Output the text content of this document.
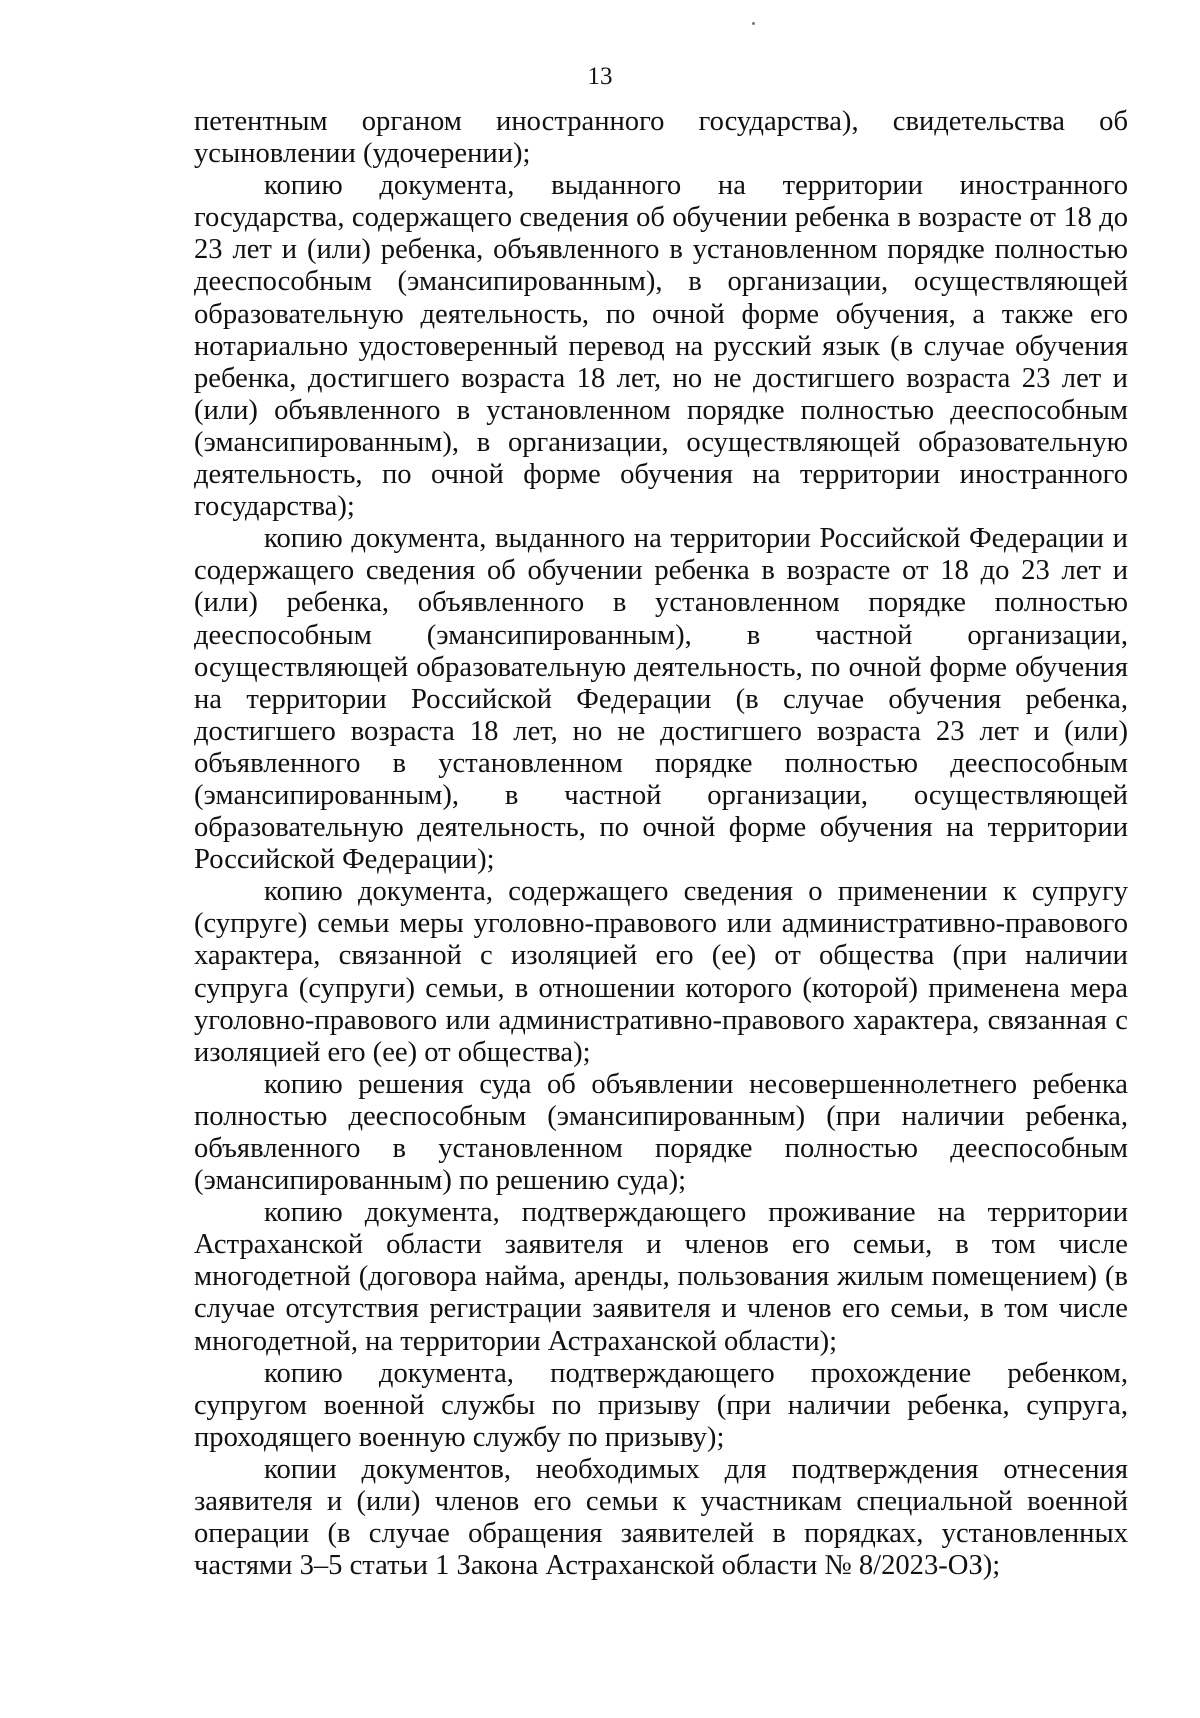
13

петентным органом иностранного государства), свидетельства об усыновлении (удочерении);

копию документа, выданного на территории иностранного государства, содержащего сведения об обучении ребенка в возрасте от 18 до 23 лет и (или) ребенка, объявленного в установленном порядке полностью дееспособным (эмансипированным), в организации, осуществляющей образовательную деятельность, по очной форме обучения, а также его нотариально удостоверенный перевод на русский язык (в случае обучения ребенка, достигшего возраста 18 лет, но не достигшего возраста 23 лет и (или) объявленного в установленном порядке полностью дееспособным (эмансипированным), в организации, осуществляющей образовательную деятельность, по очной форме обучения на территории иностранного государства);

копию документа, выданного на территории Российской Федерации и содержащего сведения об обучении ребенка в возрасте от 18 до 23 лет и (или) ребенка, объявленного в установленном порядке полностью дееспособным (эмансипированным), в частной организации, осуществляющей образовательную деятельность, по очной форме обучения на территории Российской Федерации (в случае обучения ребенка, достигшего возраста 18 лет, но не достигшего возраста 23 лет и (или) объявленного в установленном порядке полностью дееспособным (эмансипированным), в частной организации, осуществляющей образовательную деятельность, по очной форме обучения на территории Российской Федерации);

копию документа, содержащего сведения о применении к супругу (супруге) семьи меры уголовно-правового или административно-правового характера, связанной с изоляцией его (ее) от общества (при наличии супруга (супруги) семьи, в отношении которого (которой) применена мера уголовно-правового или административно-правового характера, связанная с изоляцией его (ее) от общества);

копию решения суда об объявлении несовершеннолетнего ребенка полностью дееспособным (эмансипированным) (при наличии ребенка, объявленного в установленном порядке полностью дееспособным (эмансипированным) по решению суда);

копию документа, подтверждающего проживание на территории Астраханской области заявителя и членов его семьи, в том числе многодетной (договора найма, аренды, пользования жилым помещением) (в случае отсутствия регистрации заявителя и членов его семьи, в том числе многодетной, на территории Астраханской области);

копию документа, подтверждающего прохождение ребенком, супругом военной службы по призыву (при наличии ребенка, супруга, проходящего военную службу по призыву);

копии документов, необходимых для подтверждения отнесения заявителя и (или) членов его семьи к участникам специальной военной операции (в случае обращения заявителей в порядках, установленных частями 3–5 статьи 1 Закона Астраханской области № 8/2023-ОЗ);
